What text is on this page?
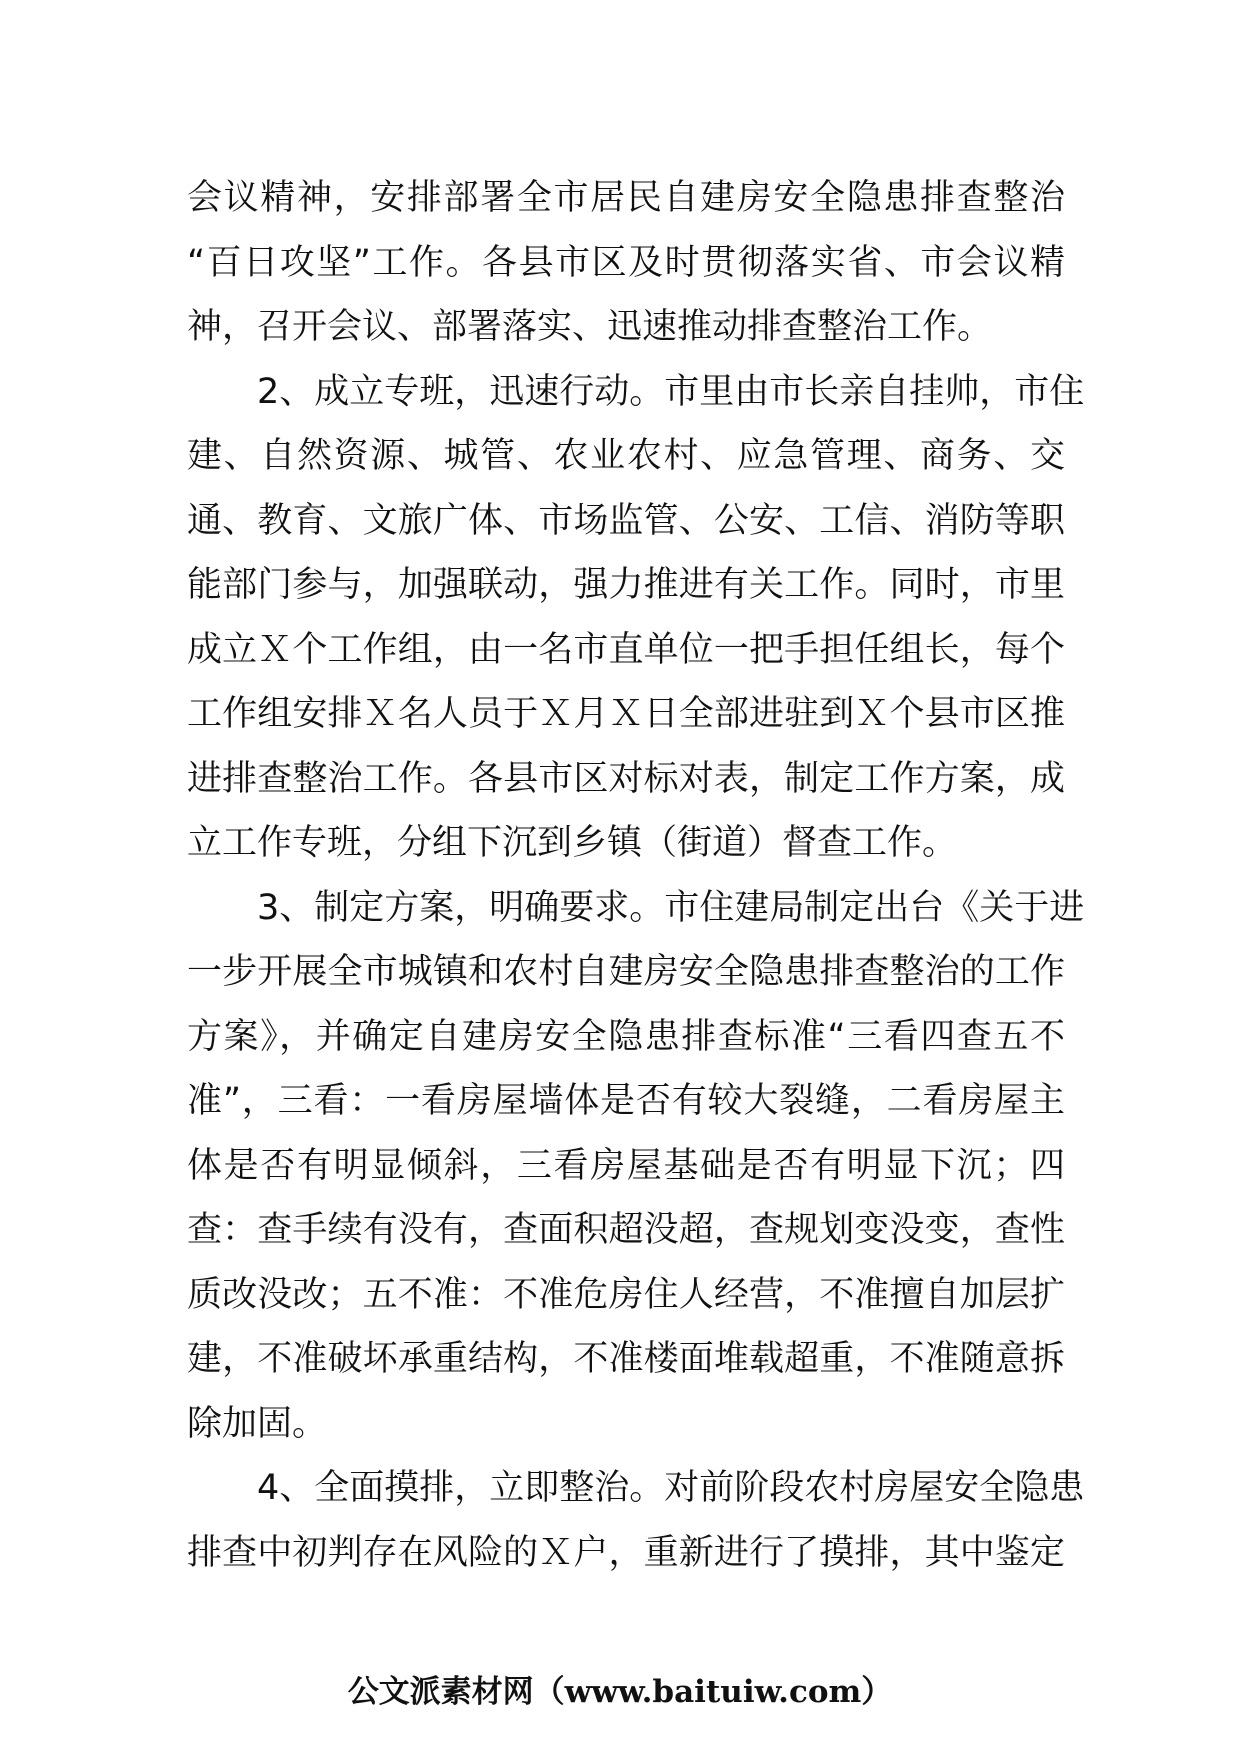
会议精神，安排部署全市居民自建房安全隐患排查整治
“百日攻坚”工作。各县市区及时贯彻落实省、市会议精
神，召开会议、部署落实、迅速推动排查整治工作。
2、成立专班，迅速行动。市里由市长亲自挂帅，市住
建、自然资源、城管、农业农村、应急管理、商务、交
通、教育、文旅广体、市场监管、公安、工信、消防等职
能部门参与，加强联动，强力推进有关工作。同时，市里
成立Ｘ个工作组，由一名市直单位一把手担任组长，每个
工作组安排Ｘ名人员于Ｘ月Ｘ日全部进驻到Ｘ个县市区推
进排查整治工作。各县市区对标对表，制定工作方案，成
立工作专班，分组下沉到乡镇（街道）督查工作。
3、制定方案，明确要求。市住建局制定出台《关于进
一步开展全市城镇和农村自建房安全隐患排查整治的工作
方案》，并确定自建房安全隐患排查标准“三看四查五不
准”，三看：一看房屋墙体是否有较大裂缝，二看房屋主
体是否有明显倾斜，三看房屋基础是否有明显下沉；四
查：查手续有没有，查面积超没超，查规划变没变，查性
质改没改；五不准：不准危房住人经营，不准擅自加层扩
建，不准破坏承重结构，不准楼面堆载超重，不准随意拆
除加固。
4、全面摸排，立即整治。对前阶段农村房屋安全隐患
排查中初判存在风险的Ｘ户，重新进行了摸排，其中鉴定
公文派素材网（www.baituiw.com）
